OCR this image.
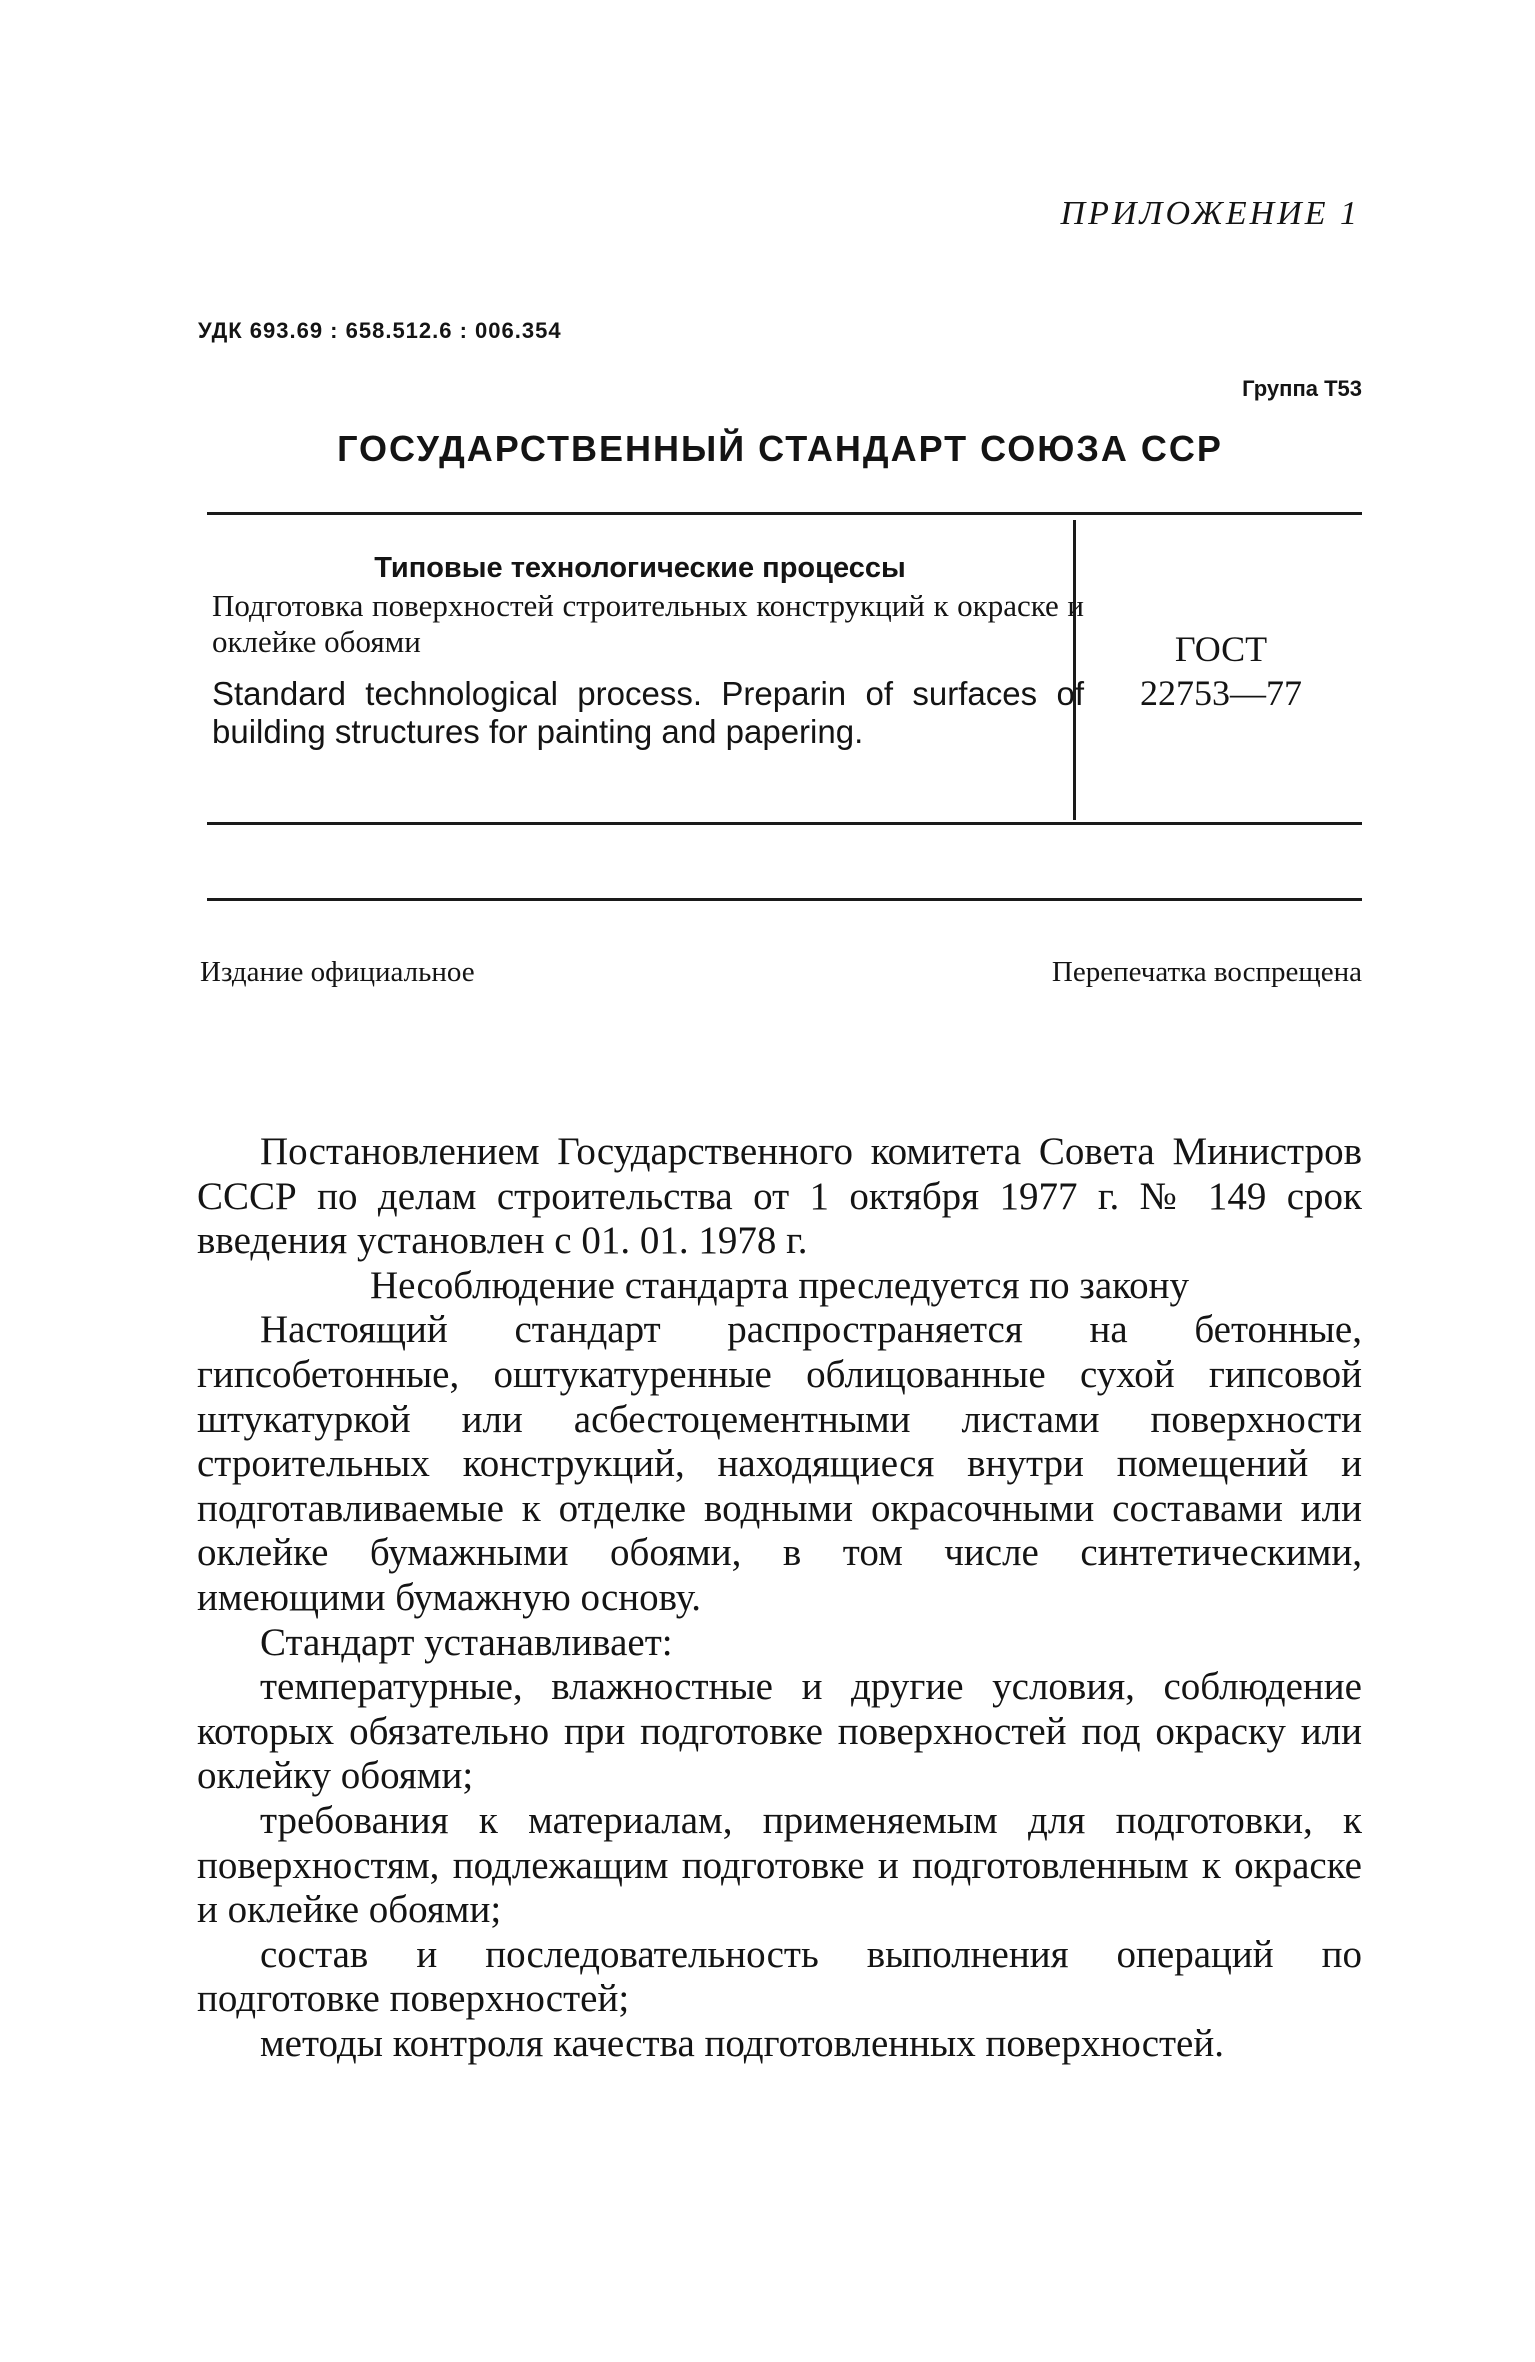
ПРИЛОЖЕНИЕ 1
УДК 693.69 : 658.512.6 : 006.354
Группа Т53
ГОСУДАРСТВЕННЫЙ СТАНДАРТ СОЮЗА ССР
Типовые технологические процессы
Подготовка поверхностей строительных конструкций к окраске и оклейке обоями
Standard technological process. Preparin of surfaces of building structures for painting and papering.
ГОСТ
22753—77
Издание официальное	Перепечатка воспрещена

Постановлением Государственного комитета Совета Министров СССР по делам строительства от 1 октября 1977 г. № 149 срок введения установлен с 01. 01. 1978 г.

Несоблюдение стандарта преследуется по закону

Настоящий стандарт распространяется на бетонные, гипсобетонные, оштукатуренные облицованные сухой гипсовой штукатуркой или асбестоцементными листами поверхности строительных конструкций, находящиеся внутри помещений и подготавливаемые к отделке водными окрасочными составами или оклейке бумажными обоями, в том числе синтетическими, имеющими бумажную основу.

Стандарт устанавливает:

температурные, влажностные и другие условия, соблюдение которых обязательно при подготовке поверхностей под окраску или оклейку обоями;

требования к материалам, применяемым для подготовки, к поверхностям, подлежащим подготовке и подготовленным к окраске и оклейке обоями;

состав и последовательность выполнения операций по подготовке поверхностей;

методы контроля качества подготовленных поверхностей.
